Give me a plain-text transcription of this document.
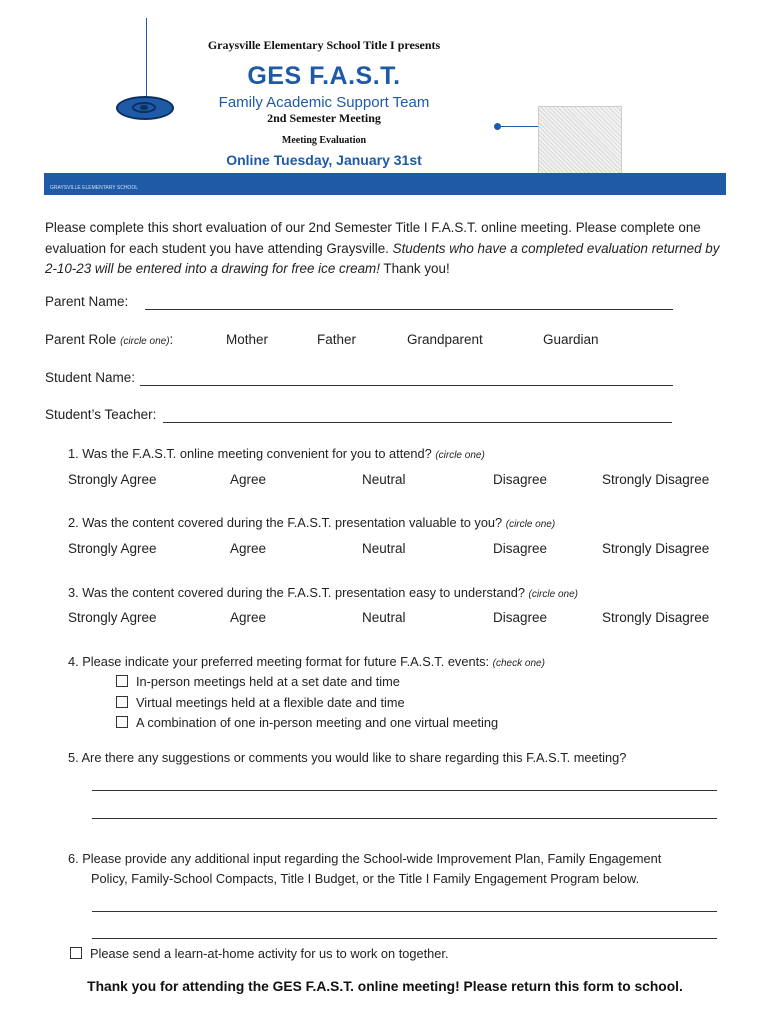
Graysville Elementary School Title I presents
GES F.A.S.T.
Family Academic Support Team
2nd Semester Meeting
Meeting Evaluation
Online Tuesday, January 31st
GRAYSVILLE ELEMENTARY SCHOOL
Please complete this short evaluation of our 2nd Semester Title I F.A.S.T. online meeting. Please complete one evaluation for each student you have attending Graysville. Students who have a completed evaluation returned by 2-10-23 will be entered into a drawing for free ice cream! Thank you!
Parent Name:
Parent Role (circle one):	Mother	Father	Grandparent	Guardian
Student Name:
Student’s Teacher:
1. Was the F.A.S.T. online meeting convenient for you to attend? (circle one)
Strongly Agree	Agree	Neutral	Disagree	Strongly Disagree
2. Was the content covered during the F.A.S.T. presentation valuable to you? (circle one)
Strongly Agree	Agree	Neutral	Disagree	Strongly Disagree
3. Was the content covered during the F.A.S.T. presentation easy to understand? (circle one)
Strongly Agree	Agree	Neutral	Disagree	Strongly Disagree
4. Please indicate your preferred meeting format for future F.A.S.T. events: (check one)
In-person meetings held at a set date and time
Virtual meetings held at a flexible date and time
A combination of one in-person meeting and one virtual meeting
5. Are there any suggestions or comments you would like to share regarding this F.A.S.T. meeting?
6. Please provide any additional input regarding the School-wide Improvement Plan, Family Engagement
Policy, Family-School Compacts, Title I Budget, or the Title I Family Engagement Program below.
Please send a learn-at-home activity for us to work on together.
Thank you for attending the GES F.A.S.T. online meeting! Please return this form to school.
